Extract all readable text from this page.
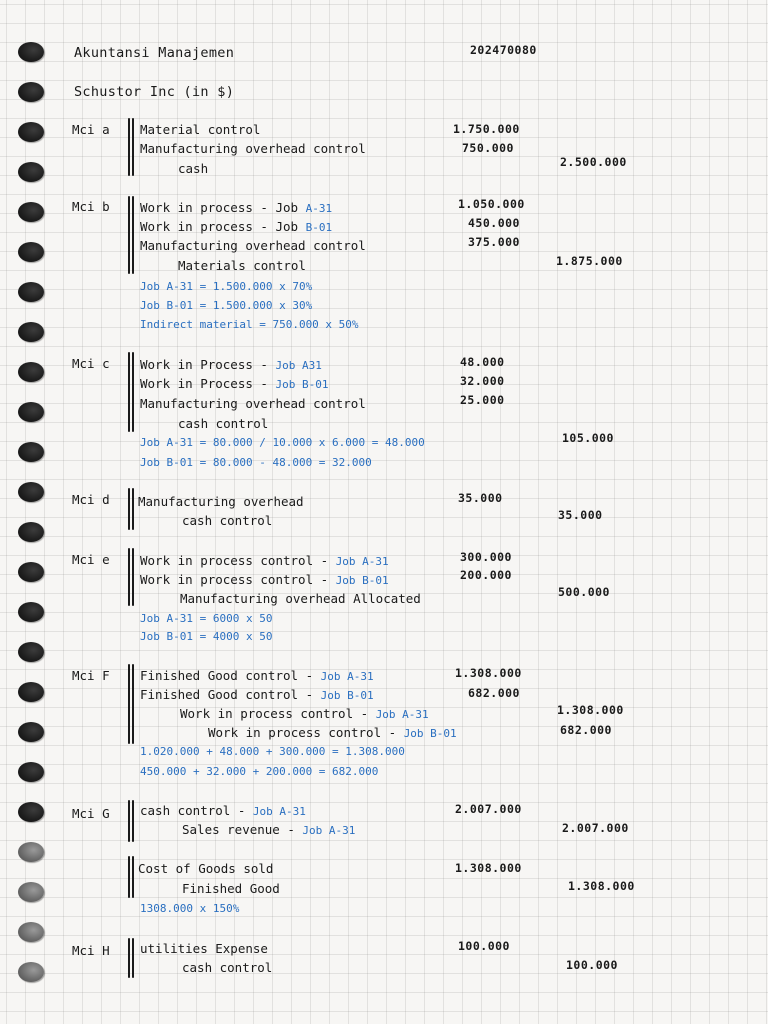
Akuntansi Manajemen	202470080
Schustor Inc (in $)
Mci a Material control
Manufacturing overhead control
cash
1.750.000
750.000
2.500.000
Mci b Work in process - Job A-31
Work in process - Job B-01
Manufacturing overhead control
Materials control
Job A-31 = 1.500.000 x 70%
Job B-01 = 1.500.000 x 30%
Indirect material = 750.000 x 50%
1.050.000
450.000
375.000
1.875.000
Mci c Work in Process - Job A31
Work in Process - Job B-01
Manufacturing overhead control
cash control
Job A-31 = 80.000 / 10.000 x 6.000 = 48.000
Job B-01 = 80.000 - 48.000 = 32.000
48.000
32.000
25.000
105.000
Mci d Manufacturing overhead
cash control
35.000
35.000
Mci e Work in process control - Job A-31
Work in process control - Job B-01
Manufacturing overhead Allocated
Job A-31 = 6000 x 50
Job B-01 = 4000 x 50
300.000
200.000
500.000
Mci F Finished Good control - Job A-31
Finished Good control - Job B-01
Work in process control - Job A-31
Work in process control - Job B-01
1.020.000 + 48.000 + 300.000 = 1.308.000
450.000 + 32.000 + 200.000 = 682.000
1.308.000
682.000
1.308.000
682.000
Mci G cash control - Job A-31
Sales revenue - Job A-31
2.007.000
2.007.000
Cost of Goods sold
Finished Good
1308.000 x 150%
1.308.000
1.308.000
Mci H utilities Expense
cash control
100.000
100.000
